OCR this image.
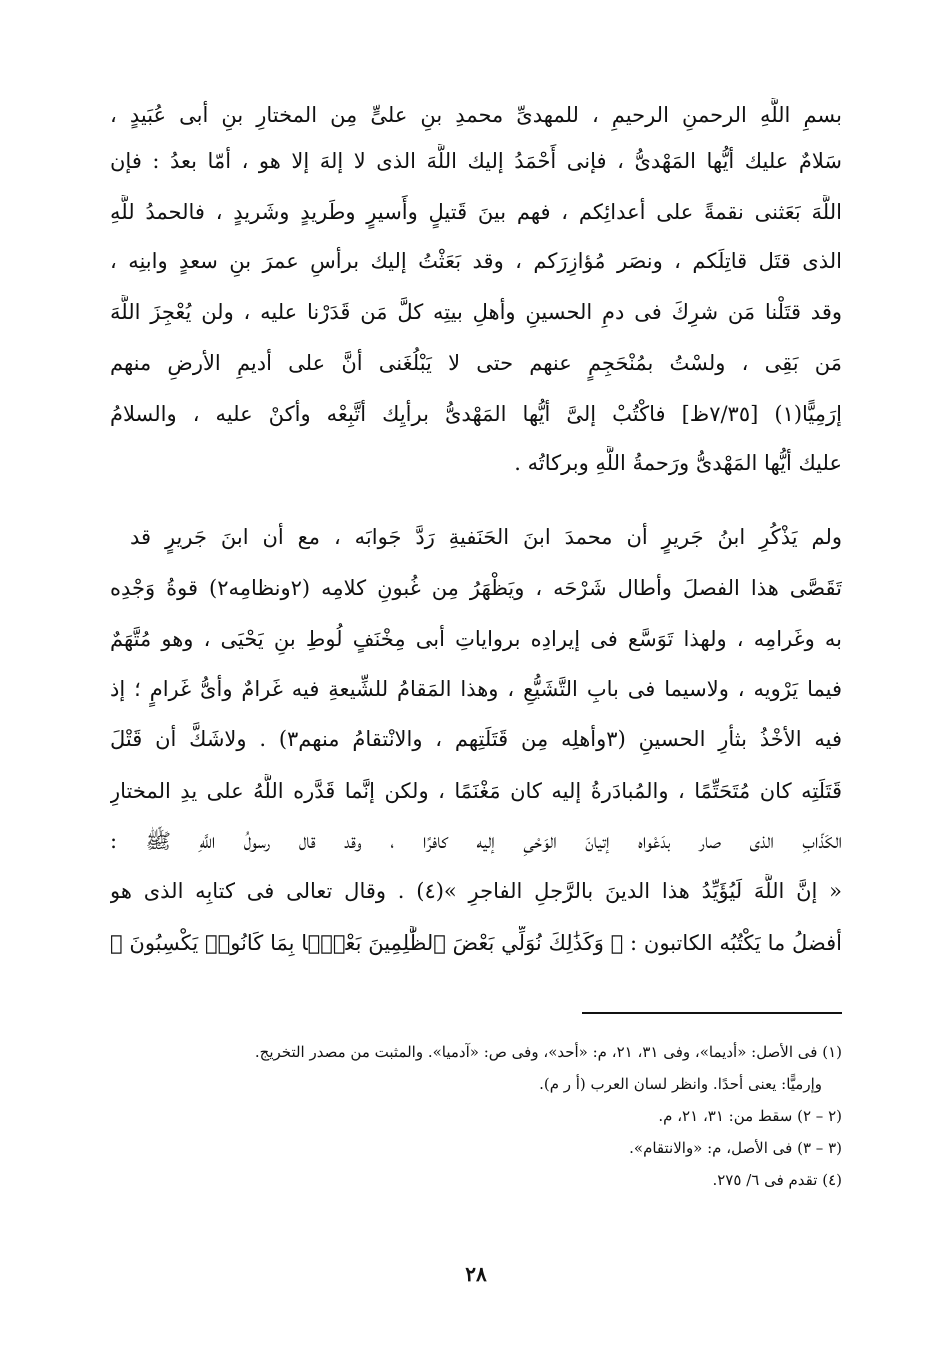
بسمِ اللَّهِ الرحمنِ الرحيمِ ، للمهدىِّ محمدِ بنِ علىٍّ مِن المختارِ بنِ أبى عُبَيدٍ ،
سَلامٌ عليك أيُّها المَهْدىُّ ، فإنى أَحْمَدُ إليك اللَّهَ الذى لا إلهَ إلا هو ، أمّا بعدُ : فإن
اللَّهَ بَعَثنى نقمةً على أعدائِكم ، فهم بينَ قَتيلٍ وأَسيرٍ وطَريدٍ وشَريدٍ ، فالحمدُ للَّهِ
الذى قتَل قاتِلَكم ، ونصَر مُؤازِرَكم ، وقد بَعَثْتُ إليك برأسِ عمرَ بنِ سعدٍ وابنِه ،
وقد قتَلْنا مَن شرِكَ فى دمِ الحسينِ وأهلِ بيتِه كلَّ مَن قَدَرْنا عليه ، ولن يُعْجِزَ اللَّهَ
مَن بَقِى ، ولسْتُ بمُنْحَجِمٍ عنهم حتى لا يَبْلُغَنى أنَّ على أديمِ الأرضِ منهم
إرَمِيًّا(١) [٧/٣٥ظ] فاكْتُبْ إلىَّ أيُّها المَهْدىُّ برأيِك أتَّبِعْه وأكنْ عليه ، والسلامُ
عليك أيُّها المَهْدىُّ ورَحمةُ اللَّهِ وبركاتُه .
ولم يَذْكُرِ ابنُ جَريرٍ أن محمدَ ابنَ الحَنَفيةِ رَدَّ جَوابَه ، مع أن ابنَ جَريرٍ قد
تَقَصَّى هذا الفصلَ وأطال شَرْحَه ، ويَظْهَرُ مِن غُبونِ كلامِه (٢ونظامِه٢) قوةُ وَجْدِه
به وغَرامِه ، ولهذا تَوَسَّع فى إيرادِه برواياتِ أبى مِخْنَفٍ لُوطِ بنِ يَحْيَى ، وهو مُتَّهَمٌ
فيما يَرْويه ، ولاسيما فى بابِ التَّشَيُّعِ ، وهذا المَقامُ للشِّيعةِ فيه غَرامٌ وأىُّ غَرامٍ ؛ إذ
فيه الأخْذُ بثأرِ الحسينِ (٣وأهلِه مِن قَتَلَتِهم ، والانْتقامُ منهم٣) . ولاشَكَّ أن قَتْلَ
قَتَلَتِه كان مُتَحَتِّمًا ، والمُبادَرةُ إليه كان مَغْنَمًا ، ولكن إنَّما قَدَّره اللَّهُ على يدِ المختارِ
الكَذّابِ الذى صار بدَعْواه إتيانَ الوَحْىِ إليه كافرًا ، وقد قال رسولُ اللَّهِ ﷺ :
« إنَّ اللَّهَ لَيُؤَيِّدُ هذا الدينَ بالرَّجلِ الفاجرِ »(٤) . وقال تعالى فى كتابِه الذى هو
أفضلُ ما يَكْتُبُه الكاتبون : ﴿ وَكَذَٰلِكَ نُوَلِّي بَعْضَ ٱلظَّٰلِمِينَ بَعْضًۢا بِمَا كَانُوا۟ يَكْسِبُونَ ﴾
(١) فى الأصل: «أديما»، وفى ٣١، ٢١، م: «أحد»، وفى ص: «آدميا». والمثبت من مصدر التخريج.
وإرميًّا: يعنى أحدًا. وانظر لسان العرب (أ ر م).
(٢ – ٢) سقط من: ٣١، ٢١، م.
(٣ – ٣) فى الأصل، م: «والانتقام».
(٤) تقدم فى ٦/ ٢٧٥.
٢٨
